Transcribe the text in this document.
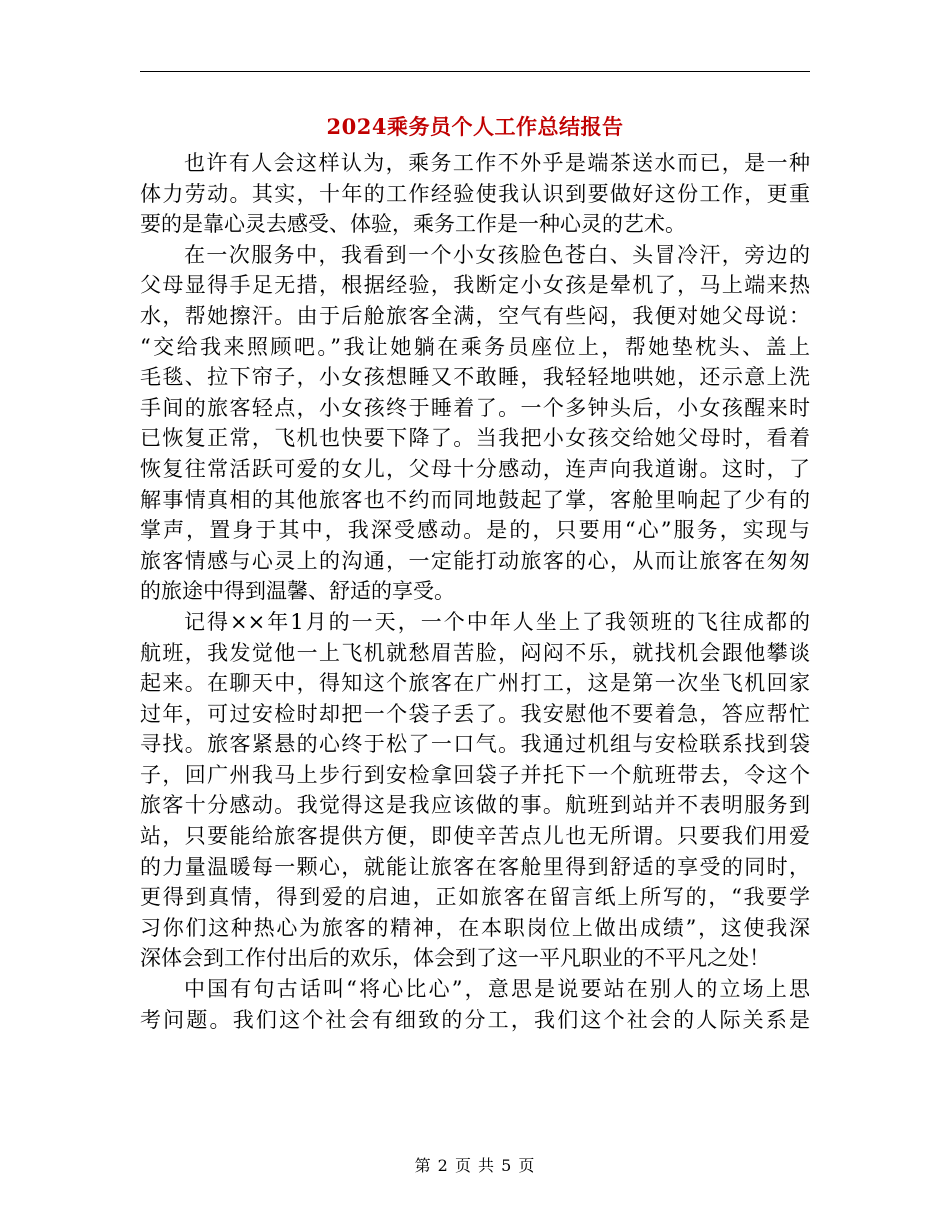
2024乘务员个人工作总结报告
也许有人会这样认为，乘务工作不外乎是端茶送水而已，是一种
体力劳动。其实，十年的工作经验使我认识到要做好这份工作，更重
要的是靠心灵去感受、体验，乘务工作是一种心灵的艺术。
在一次服务中，我看到一个小女孩脸色苍白、头冒冷汗，旁边的
父母显得手足无措，根据经验，我断定小女孩是晕机了，马上端来热
水，帮她擦汗。由于后舱旅客全满，空气有些闷，我便对她父母说：
“交给我来照顾吧。”我让她躺在乘务员座位上，帮她垫枕头、盖上
毛毯、拉下帘子，小女孩想睡又不敢睡，我轻轻地哄她，还示意上洗
手间的旅客轻点，小女孩终于睡着了。一个多钟头后，小女孩醒来时
已恢复正常，飞机也快要下降了。当我把小女孩交给她父母时，看着
恢复往常活跃可爱的女儿，父母十分感动，连声向我道谢。这时，了
解事情真相的其他旅客也不约而同地鼓起了掌，客舱里响起了少有的
掌声，置身于其中，我深受感动。是的，只要用“心”服务，实现与
旅客情感与心灵上的沟通，一定能打动旅客的心，从而让旅客在匆匆
的旅途中得到温馨、舒适的享受。
记得××年1月的一天，一个中年人坐上了我领班的飞往成都的
航班，我发觉他一上飞机就愁眉苦脸，闷闷不乐，就找机会跟他攀谈
起来。在聊天中，得知这个旅客在广州打工，这是第一次坐飞机回家
过年，可过安检时却把一个袋子丢了。我安慰他不要着急，答应帮忙
寻找。旅客紧悬的心终于松了一口气。我通过机组与安检联系找到袋
子，回广州我马上步行到安检拿回袋子并托下一个航班带去，令这个
旅客十分感动。我觉得这是我应该做的事。航班到站并不表明服务到
站，只要能给旅客提供方便，即使辛苦点儿也无所谓。只要我们用爱
的力量温暖每一颗心，就能让旅客在客舱里得到舒适的享受的同时，
更得到真情，得到爱的启迪，正如旅客在留言纸上所写的，“我要学
习你们这种热心为旅客的精神，在本职岗位上做出成绩”，这使我深
深体会到工作付出后的欢乐，体会到了这一平凡职业的不平凡之处！
中国有句古话叫“将心比心”，意思是说要站在别人的立场上思
考问题。我们这个社会有细致的分工，我们这个社会的人际关系是
第 2 页 共 5 页
